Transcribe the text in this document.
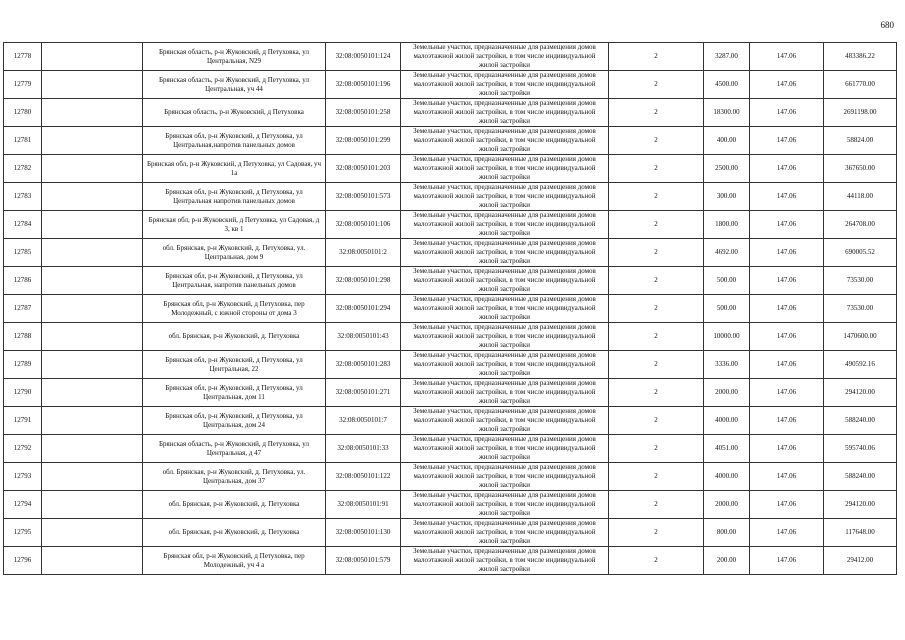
680
12778		Брянская область, р-н Жуковский, д Петуховка, ул Центральная, N29	32:08:0050101:124	Земельные участки, предназначенные для размещения домов малоэтажной жилой застройки, в том числе индивидуальной жилой застройки	2	3287.00	147.06	483386.22
12779		Брянская область, р-н Жуковский, д Петуховка, ул Центральная, уч 44	32:08:0050101:196	Земельные участки, предназначенные для размещения домов малоэтажной жилой застройки, в том числе индивидуальной жилой застройки	2	4500.00	147.06	661770.00
12780		Брянская область, р-н Жуковский, д Петуховка	32:08:0050101:258	Земельные участки, предназначенные для размещения домов малоэтажной жилой застройки, в том числе индивидуальной жилой застройки	2	18300.00	147.06	2691198.00
12781		Брянская обл, р-н Жуковский, д Петуховка, ул Центральная,напротив панельных домов	32:08:0050101:299	Земельные участки, предназначенные для размещения домов малоэтажной жилой застройки, в том числе индивидуальной жилой застройки	2	400.00	147.06	58824.00
12782		Брянская обл, р-н Жуковский, д Петуховка, ул Садовая, уч 1а	32:08:0050101:203	Земельные участки, предназначенные для размещения домов малоэтажной жилой застройки, в том числе индивидуальной жилой застройки	2	2500.00	147.06	367650.00
12783		Брянская обл, р-н Жуковский, д Петуховка, ул Центральная напротив панельных домов	32:08:0050101:573	Земельные участки, предназначенные для размещения домов малоэтажной жилой застройки, в том числе индивидуальной жилой застройки	2	300.00	147.06	44118.00
12784		Брянская обл, р-н Жуковский, д Петуховка, ул Садовая, д 3, кв 1	32:08:0050101:106	Земельные участки, предназначенные для размещения домов малоэтажной жилой застройки, в том числе индивидуальной жилой застройки	2	1800.00	147.06	264708.00
12785		обл. Брянская, р-н Жуковский, д. Петуховка, ул. Центральная, дом 9	32:08:0050101:2	Земельные участки, предназначенные для размещения домов малоэтажной жилой застройки, в том числе индивидуальной жилой застройки	2	4692.00	147.06	690005.52
12786		Брянская обл, р-н Жуковский, д Петуховка, ул Центральная, напротив панельных домов	32:08:0050101:298	Земельные участки, предназначенные для размещения домов малоэтажной жилой застройки, в том числе индивидуальной жилой застройки	2	500.00	147.06	73530.00
12787		Брянская обл, р-н Жуковский, д Петуховка, пер Молодежный, с южной стороны от дома 3	32:08:0050101:294	Земельные участки, предназначенные для размещения домов малоэтажной жилой застройки, в том числе индивидуальной жилой застройки	2	500.00	147.06	73530.00
12788		обл. Брянская, р-н Жуковский, д. Петуховка	32:08:0050101:43	Земельные участки, предназначенные для размещения домов малоэтажной жилой застройки, в том числе индивидуальной жилой застройки	2	10000.00	147.06	1470600.00
12789		Брянская обл, р-н Жуковский, д Петуховка, ул Центральная, 22	32:08:0050101:283	Земельные участки, предназначенные для размещения домов малоэтажной жилой застройки, в том числе индивидуальной жилой застройки	2	3336.00	147.06	490592.16
12790		Брянская обл, р-н Жуковский, д Петуховка, ул Центральная, дом 11	32:08:0050101:271	Земельные участки, предназначенные для размещения домов малоэтажной жилой застройки, в том числе индивидуальной жилой застройки	2	2000.00	147.06	294120.00
12791		Брянская обл, р-н Жуковский, д Петуховка, ул Центральная, дом 24	32:08:0050101:7	Земельные участки, предназначенные для размещения домов малоэтажной жилой застройки, в том числе индивидуальной жилой застройки	2	4000.00	147.06	588240.00
12792		Брянская область, р-н Жуковский, д Петуховка, ул Центральная, д 47	32:08:0050101:33	Земельные участки, предназначенные для размещения домов малоэтажной жилой застройки, в том числе индивидуальной жилой застройки	2	4051.00	147.06	595740.06
12793		обл. Брянская, р-н Жуковский, д. Петуховка, ул. Центральная, дом 37	32:08:0050101:122	Земельные участки, предназначенные для размещения домов малоэтажной жилой застройки, в том числе индивидуальной жилой застройки	2	4000.00	147.06	588240.00
12794		обл. Брянская, р-н Жуковский, д. Петуховка	32:08:0050101:91	Земельные участки, предназначенные для размещения домов малоэтажной жилой застройки, в том числе индивидуальной жилой застройки	2	2000.00	147.06	294120.00
12795		обл. Брянская, р-н Жуковский, д. Петуховка	32:08:0050101:130	Земельные участки, предназначенные для размещения домов малоэтажной жилой застройки, в том числе индивидуальной жилой застройки	2	800.00	147.06	117648.00
12796		Брянская обл, р-н Жуковский, д Петуховка, пер Молодежный, уч 4 а	32:08:0050101:579	Земельные участки, предназначенные для размещения домов малоэтажной жилой застройки, в том числе индивидуальной жилой застройки	2	200.00	147.06	29412.00
